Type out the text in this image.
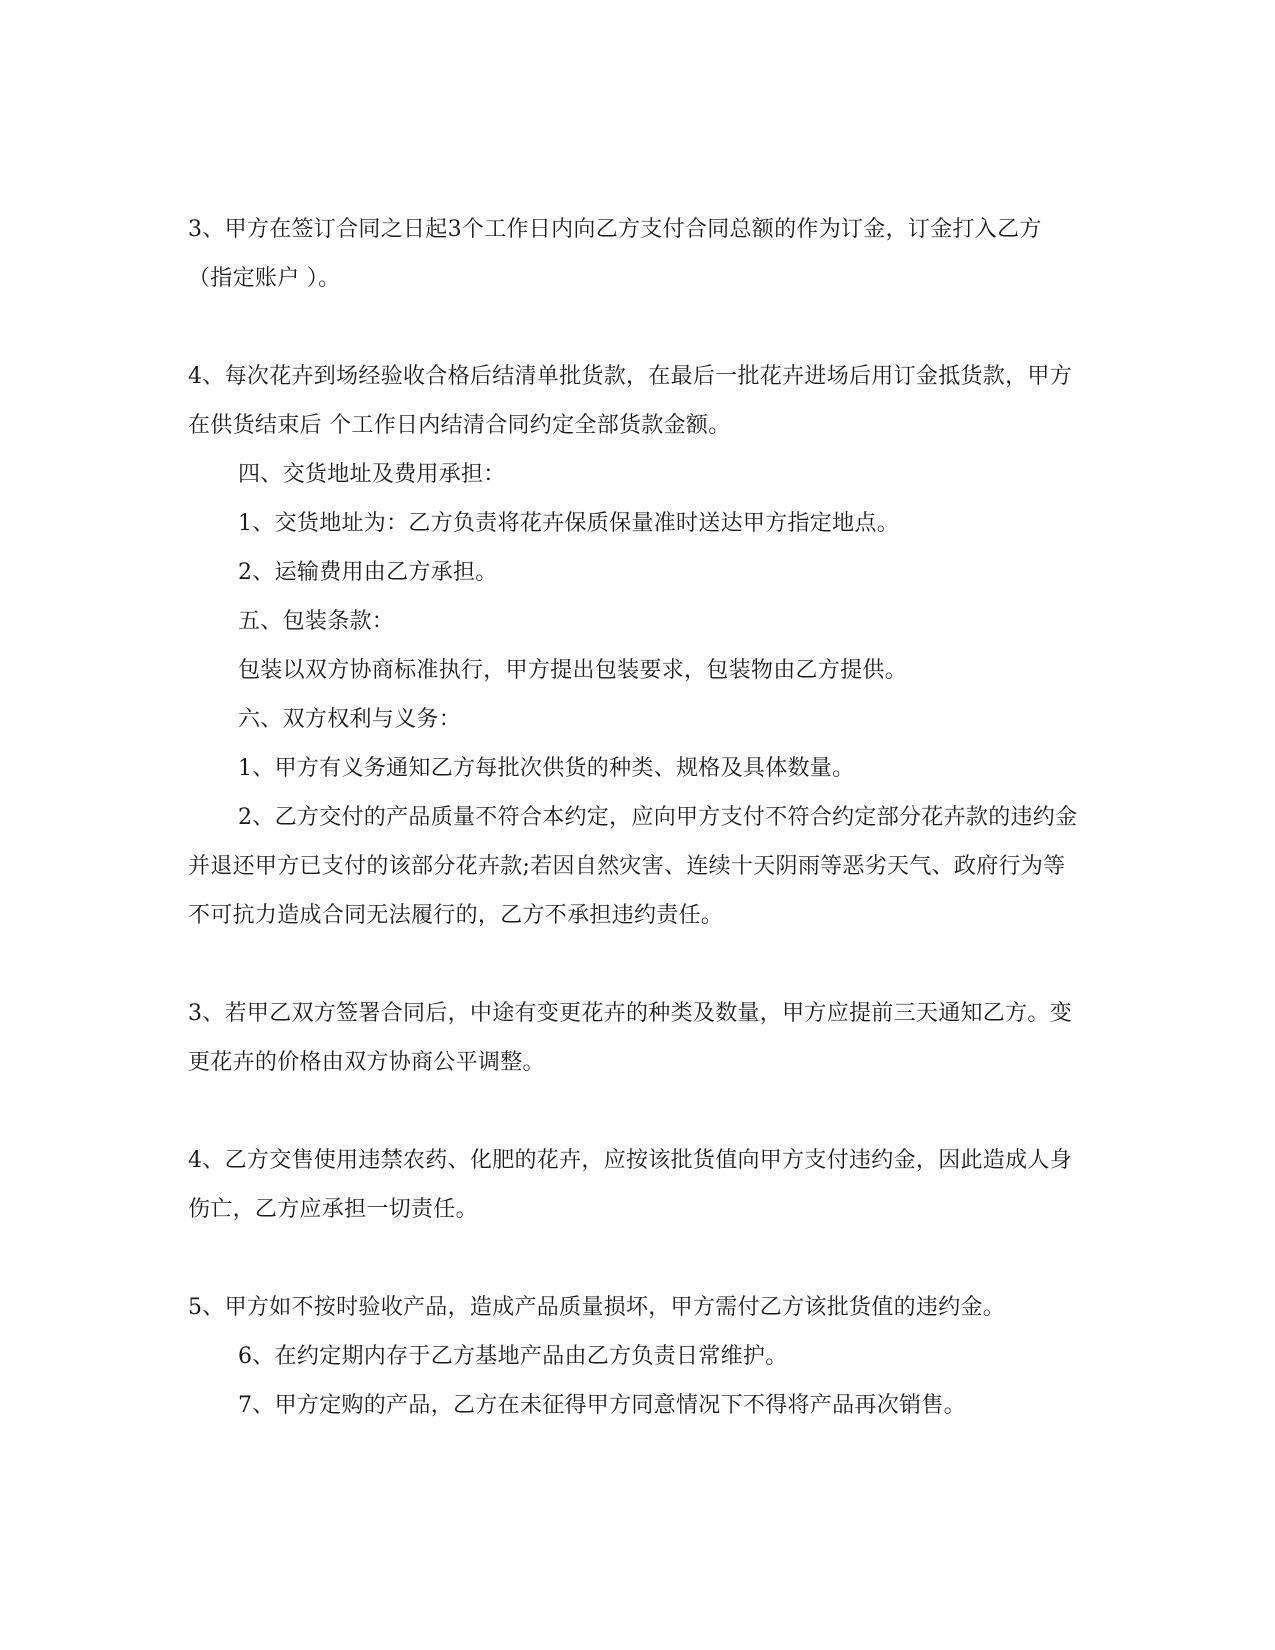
3、甲方在签订合同之日起3个工作日内向乙方支付合同总额的作为订金，订金打入乙方（指定账户 ）。

4、每次花卉到场经验收合格后结清单批货款，在最后一批花卉进场后用订金抵货款，甲方在供货结束后 个工作日内结清合同约定全部货款金额。

四、交货地址及费用承担：

1、交货地址为：乙方负责将花卉保质保量准时送达甲方指定地点。

2、运输费用由乙方承担。

五、包装条款：

包装以双方协商标准执行，甲方提出包装要求，包装物由乙方提供。

六、双方权利与义务：

1、甲方有义务通知乙方每批次供货的种类、规格及具体数量。

2、乙方交付的产品质量不符合本约定，应向甲方支付不符合约定部分花卉款的违约金并退还甲方已支付的该部分花卉款;若因自然灾害、连续十天阴雨等恶劣天气、政府行为等不可抗力造成合同无法履行的，乙方不承担违约责任。

3、若甲乙双方签署合同后，中途有变更花卉的种类及数量，甲方应提前三天通知乙方。变更花卉的价格由双方协商公平调整。

4、乙方交售使用违禁农药、化肥的花卉，应按该批货值向甲方支付违约金，因此造成人身伤亡，乙方应承担一切责任。

5、甲方如不按时验收产品，造成产品质量损坏，甲方需付乙方该批货值的违约金。

6、在约定期内存于乙方基地产品由乙方负责日常维护。

7、甲方定购的产品，乙方在未征得甲方同意情况下不得将产品再次销售。
